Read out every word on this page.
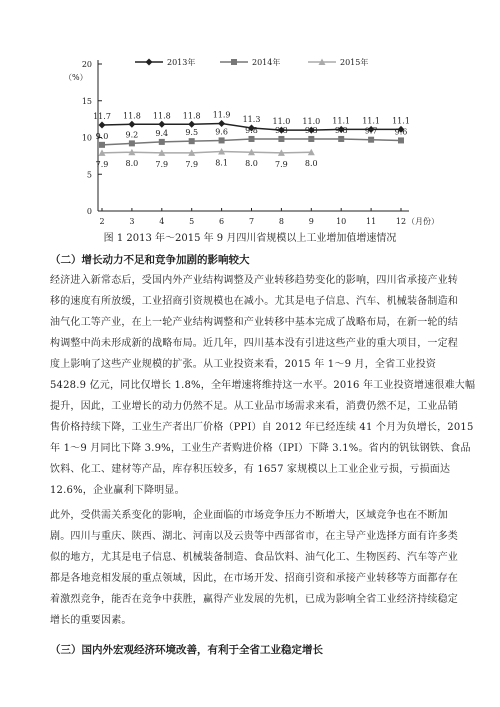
0
5
10
15
20
（%）
2	3	4	5	6	7	8	9	10 11 12 （月份）
2013年	2014年	2015年
11.7 11.8 11.8 11.8 11.9 11.3 11.0 11.0 11.1 11.1 11.1
9.0 9.2 9.4 9.5 9.6 9.8 9.8 9.8 9.8 9.7 9.6
7.9 8.0 7.9 7.9 8.1 8.0 7.9 8.0
图 1 2013 年～2015 年 9 月四川省规模以上工业增加值增速情况
（二）增长动力不足和竞争加剧的影响较大
经济进入新常态后，受国内外产业结构调整及产业转移趋势变化的影响，四川省承接产业转
移的速度有所放缓，工业招商引资规模也在减小。尤其是电子信息、汽车、机械装备制造和
油气化工等产业，在上一轮产业结构调整和产业转移中基本完成了战略布局，在新一轮的结
构调整中尚未形成新的战略布局。近几年，四川基本没有引进这些产业的重大项目，一定程
度上影响了这些产业规模的扩张。从工业投资来看，2015 年 1～9 月，全省工业投资
5428.9 亿元，同比仅增长 1.8%，全年增速将维持这一水平。2016 年工业投资增速很难大幅
提升，因此，工业增长的动力仍然不足。从工业品市场需求来看，消费仍然不足，工业品销
售价格持续下降，工业生产者出厂价格（PPI）自 2012 年已经连续 41 个月为负增长，2015
年 1～9 月同比下降 3.9%，工业生产者购进价格（IPI）下降 3.1%。省内的钒钛钢铁、食品
饮料、化工、建材等产品，库存积压较多，有 1657 家规模以上工业企业亏损，亏损面达
12.6%，企业赢利下降明显。
此外，受供需关系变化的影响，企业面临的市场竞争压力不断增大，区域竞争也在不断加
剧。四川与重庆、陕西、湖北、河南以及云贵等中西部省市，在主导产业选择方面有许多类
似的地方，尤其是电子信息、机械装备制造、食品饮料、油气化工、生物医药、汽车等产业
都是各地竞相发展的重点领域，因此，在市场开发、招商引资和承接产业转移等方面都存在
着激烈竞争，能否在竞争中获胜，赢得产业发展的先机，已成为影响全省工业经济持续稳定
增长的重要因素。
（三）国内外宏观经济环境改善，有利于全省工业稳定增长
